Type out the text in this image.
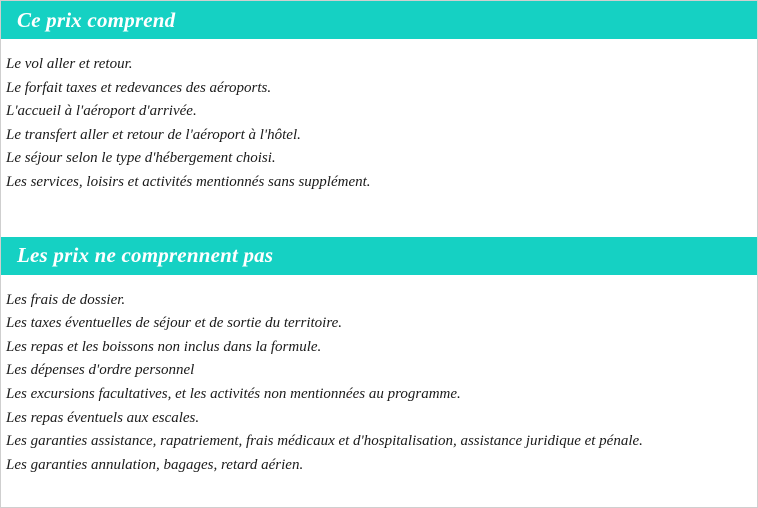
Ce prix comprend
Le vol aller et retour.
Le forfait taxes et redevances des aéroports.
L'accueil à l'aéroport d'arrivée.
Le transfert aller et retour de l'aéroport à l'hôtel.
Le séjour selon le type d'hébergement choisi.
Les services, loisirs et activités mentionnés sans supplément.
Les prix ne comprennent pas
Les frais de dossier.
Les taxes éventuelles de séjour et de sortie du territoire.
Les repas et les boissons non inclus dans la formule.
Les dépenses d'ordre personnel
Les excursions facultatives, et les activités non mentionnées au programme.
Les repas éventuels aux escales.
Les garanties assistance, rapatriement, frais médicaux et d'hospitalisation, assistance juridique et pénale.
Les garanties annulation, bagages, retard aérien.
